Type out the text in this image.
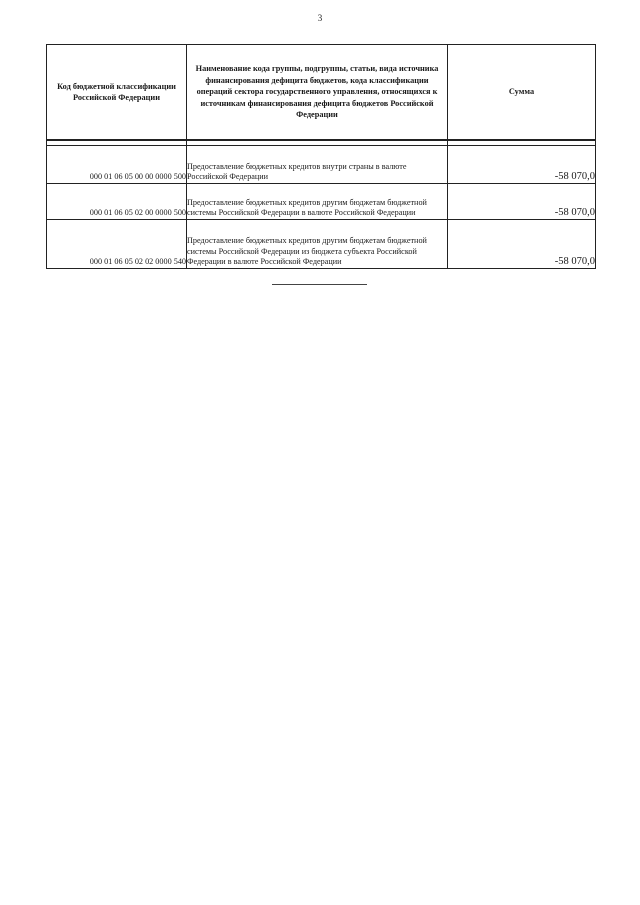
3
Код бюджетной классификации Российской Федерации	Наименование кода группы, подгруппы, статьи, вида источника финансирования дефицита бюджетов, кода классификации операций сектора государственного управления, относящихся к источникам финансирования дефицита бюджетов Российской Федерации	Сумма

000 01 06 05 00 00 0000 500	Предоставление бюджетных кредитов внутри страны в валюте Российской Федерации	-58 070,0
000 01 06 05 02 00 0000 500	Предоставление бюджетных кредитов другим бюджетам бюджетной системы Российской Федерации в валюте Российской Федерации	-58 070,0
000 01 06 05 02 02 0000 540	Предоставление бюджетных кредитов другим бюджетам бюджетной системы Российской Федерации из бюджета субъекта Российской Федерации в валюте Российской Федерации	-58 070,0
